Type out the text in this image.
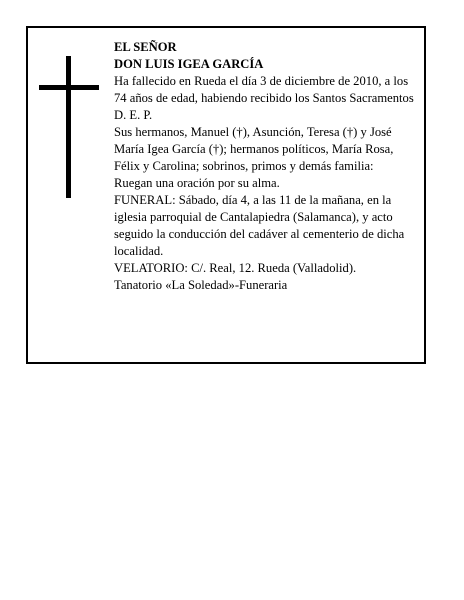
EL SEÑOR

DON LUIS IGEA GARCÍA

Ha fallecido en Rueda el día 3 de diciembre de 2010, a los 74 años de edad, habiendo recibido los Santos Sacramentos

D. E. P.

Sus hermanos, Manuel (†), Asunción, Teresa (†) y José María Igea García (†); hermanos políticos, María Rosa, Félix y Carolina; sobrinos, primos y demás familia:

Ruegan una oración por su alma.

FUNERAL: Sábado, día 4, a las 11 de la mañana, en la iglesia parroquial de Cantalapiedra (Salamanca), y acto seguido la conducción del cadáver al cementerio de dicha localidad.

VELATORIO: C/. Real, 12. Rueda (Valladolid).

Tanatorio «La Soledad»-Funeraria
